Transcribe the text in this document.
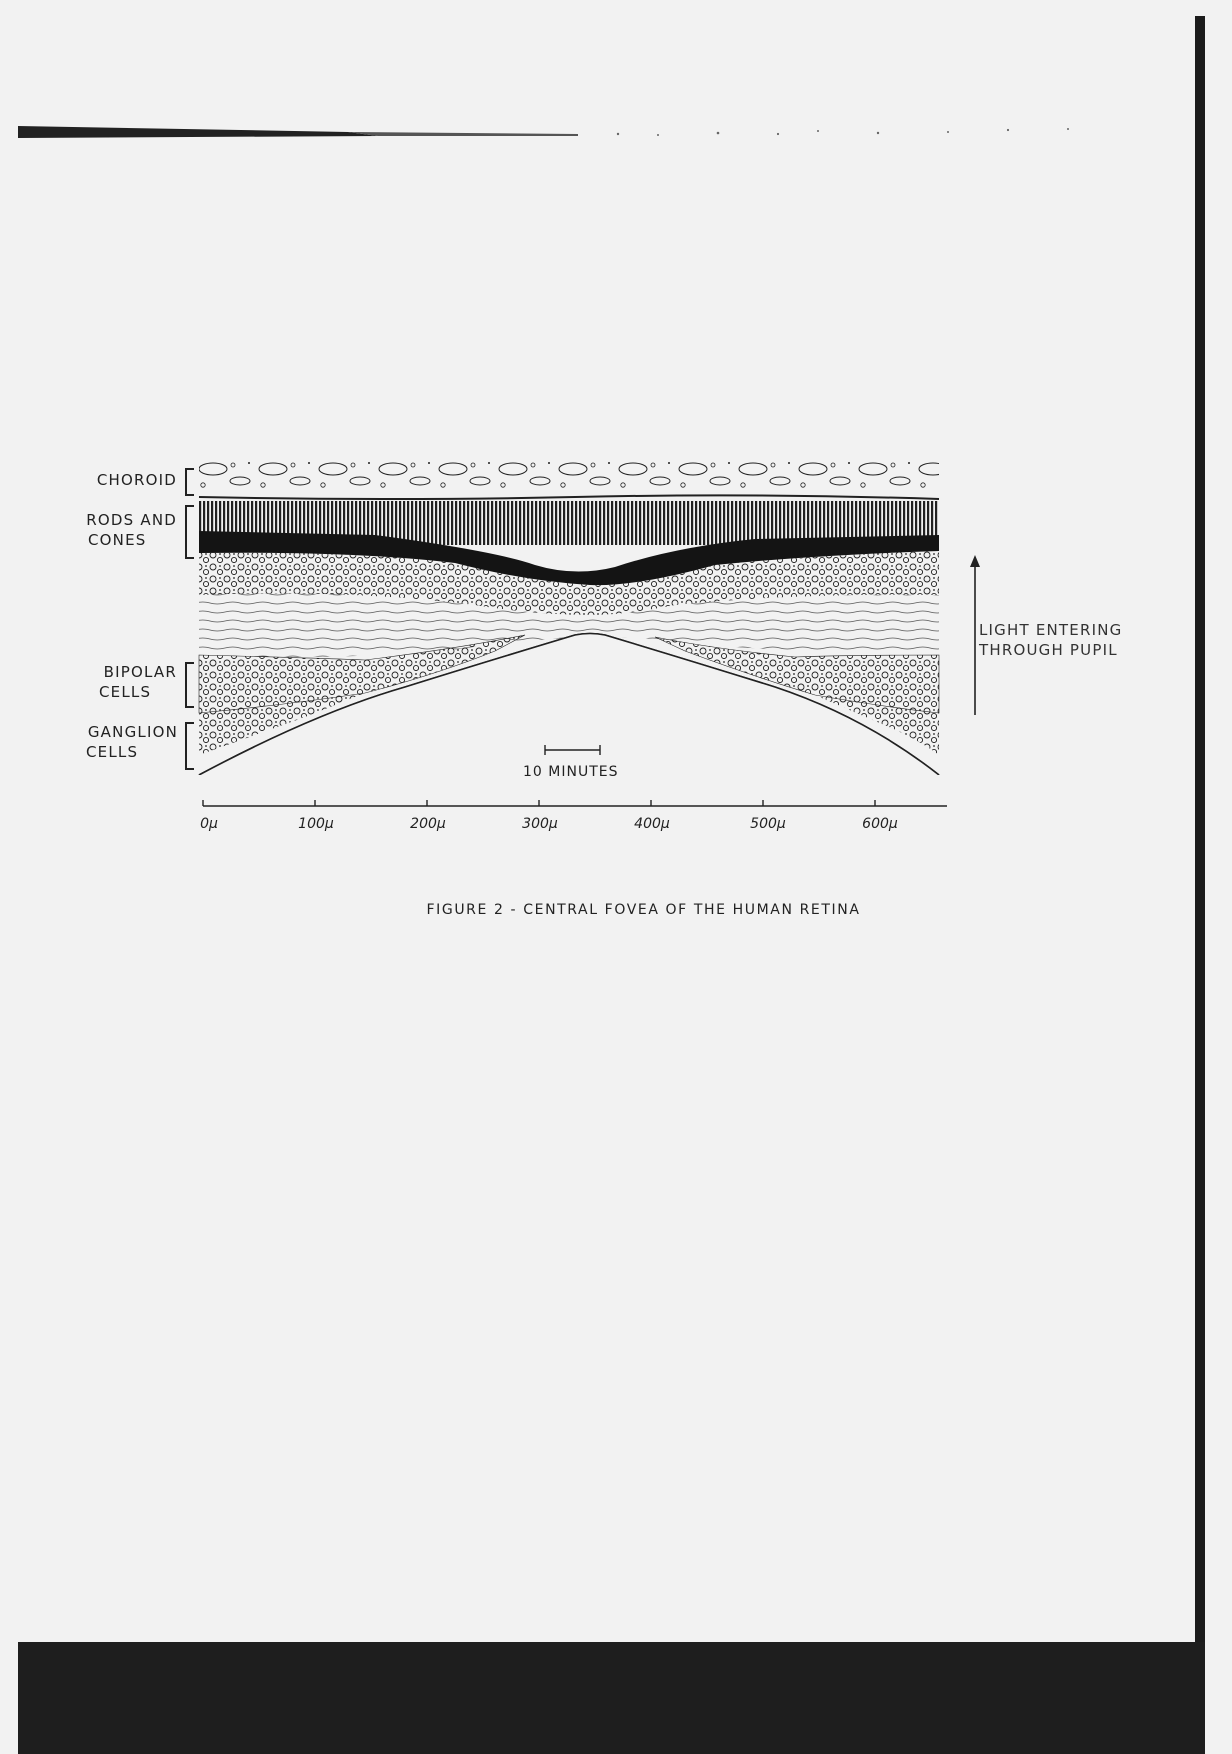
CHOROID
RODS AND
CONES
BIPOLAR
CELLS
GANGLION
CELLS
10 MINUTES
LIGHT ENTERING
THROUGH PUPIL
0μ	100μ	200μ	300μ	400μ	500μ	600μ
FIGURE 2 - CENTRAL FOVEA OF THE HUMAN RETINA
